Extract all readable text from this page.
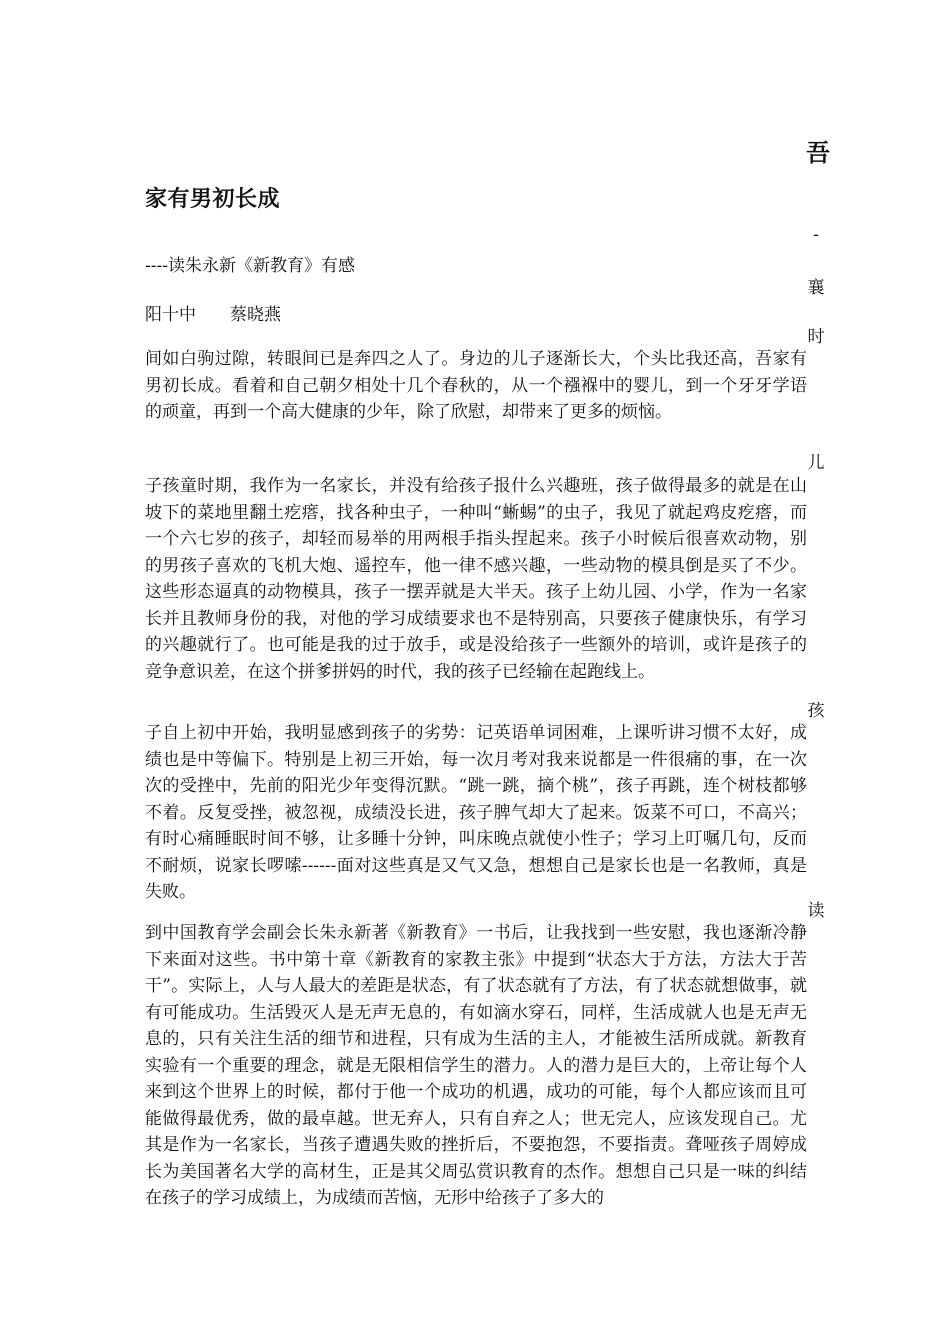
吾
家有男初长成
-
----读朱永新《新教育》有感
襄
阳十中　　蔡晓燕
时
间如白驹过隙，转眼间已是奔四之人了。身边的儿子逐渐长大，个头比我还高，吾家有男初长成。看着和自己朝夕相处十几个春秋的，从一个襁褓中的婴儿，到一个牙牙学语的顽童，再到一个高大健康的少年，除了欣慰，却带来了更多的烦恼。
儿
子孩童时期，我作为一名家长，并没有给孩子报什么兴趣班，孩子做得最多的就是在山坡下的菜地里翻土疙瘩，找各种虫子，一种叫“蜥蜴”的虫子，我见了就起鸡皮疙瘩，而一个六七岁的孩子，却轻而易举的用两根手指头捏起来。孩子小时候后很喜欢动物，别的男孩子喜欢的飞机大炮、遥控车，他一律不感兴趣，一些动物的模具倒是买了不少。这些形态逼真的动物模具，孩子一摆弄就是大半天。孩子上幼儿园、小学，作为一名家长并且教师身份的我，对他的学习成绩要求也不是特别高，只要孩子健康快乐，有学习的兴趣就行了。也可能是我的过于放手，或是没给孩子一些额外的培训，或许是孩子的竞争意识差，在这个拼爹拼妈的时代，我的孩子已经输在起跑线上。
孩
子自上初中开始，我明显感到孩子的劣势：记英语单词困难，上课听讲习惯不太好，成绩也是中等偏下。特别是上初三开始，每一次月考对我来说都是一件很痛的事，在一次次的受挫中，先前的阳光少年变得沉默。“跳一跳，摘个桃”，孩子再跳，连个树枝都够不着。反复受挫，被忽视，成绩没长进，孩子脾气却大了起来。饭菜不可口，不高兴；有时心痛睡眠时间不够，让多睡十分钟，叫床晚点就使小性子；学习上叮嘱几句，反而不耐烦，说家长啰嗦------面对这些真是又气又急，想想自己是家长也是一名教师，真是失败。
读
到中国教育学会副会长朱永新著《新教育》一书后，让我找到一些安慰，我也逐渐冷静下来面对这些。书中第十章《新教育的家教主张》中提到“状态大于方法，方法大于苦干”。实际上，人与人最大的差距是状态，有了状态就有了方法，有了状态就想做事，就有可能成功。生活毁灭人是无声无息的，有如滴水穿石，同样，生活成就人也是无声无息的，只有关注生活的细节和进程，只有成为生活的主人，才能被生活所成就。新教育实验有一个重要的理念，就是无限相信学生的潜力。人的潜力是巨大的，上帝让每个人来到这个世界上的时候，都付于他一个成功的机遇，成功的可能，每个人都应该而且可能做得最优秀，做的最卓越。世无弃人，只有自弃之人；世无完人，应该发现自己。尤其是作为一名家长，当孩子遭遇失败的挫折后，不要抱怨，不要指责。聋哑孩子周婷成长为美国著名大学的高材生，正是其父周弘赏识教育的杰作。想想自己只是一味的纠结在孩子的学习成绩上，为成绩而苦恼，无形中给孩子了多大的
